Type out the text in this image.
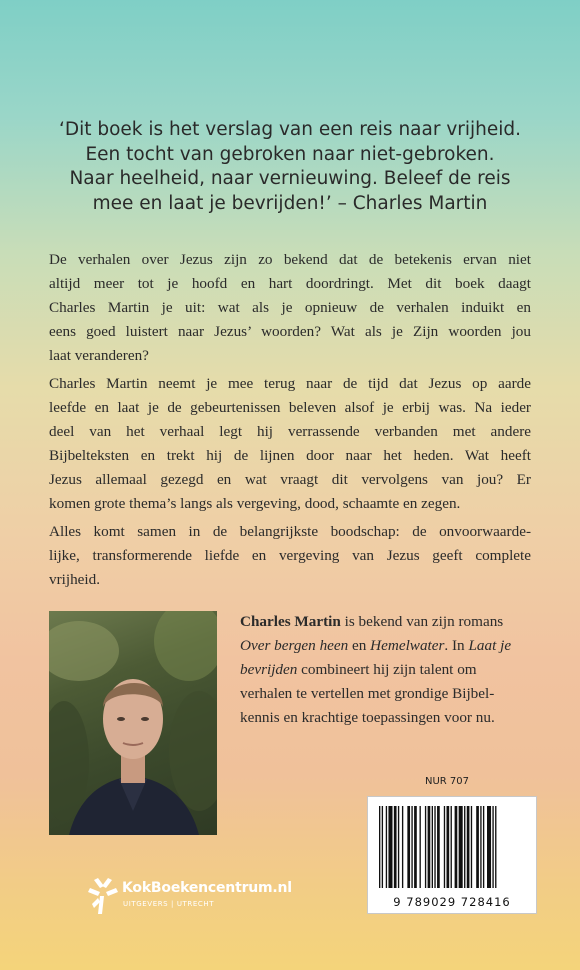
‘Dit boek is het verslag van een reis naar vrijheid.
Een tocht van gebroken naar niet-gebroken.
Naar heelheid, naar vernieuwing. Beleef de reis
mee en laat je bevrijden!’ – Charles Martin
De verhalen over Jezus zijn zo bekend dat de betekenis ervan niet
altijd meer tot je hoofd en hart doordringt. Met dit boek daagt
Charles Martin je uit: wat als je opnieuw de verhalen induikt en
eens goed luistert naar Jezus’ woorden? Wat als je Zijn woorden jou
laat veranderen?
Charles Martin neemt je mee terug naar de tijd dat Jezus op aarde
leefde en laat je de gebeurtenissen beleven alsof je erbij was. Na ieder
deel van het verhaal legt hij verrassende verbanden met andere
Bijbelteksten en trekt hij de lijnen door naar het heden. Wat heeft
Jezus allemaal gezegd en wat vraagt dit vervolgens van jou? Er
komen grote thema’s langs als vergeving, dood, schaamte en zegen.
Alles komt samen in de belangrijkste boodschap: de onvoorwaarde-
lijke, transformerende liefde en vergeving van Jezus geeft complete
vrijheid.
Charles Martin is bekend van zijn romans
Over bergen heen en Hemelwater. In Laat je
bevrijden combineert hij zijn talent om
verhalen te vertellen met grondige Bijbel-
kennis en krachtige toepassingen voor nu.
NUR 707
9 789029 728416
KokBoekencentrum.nl
UITGEVERS | UTRECHT
